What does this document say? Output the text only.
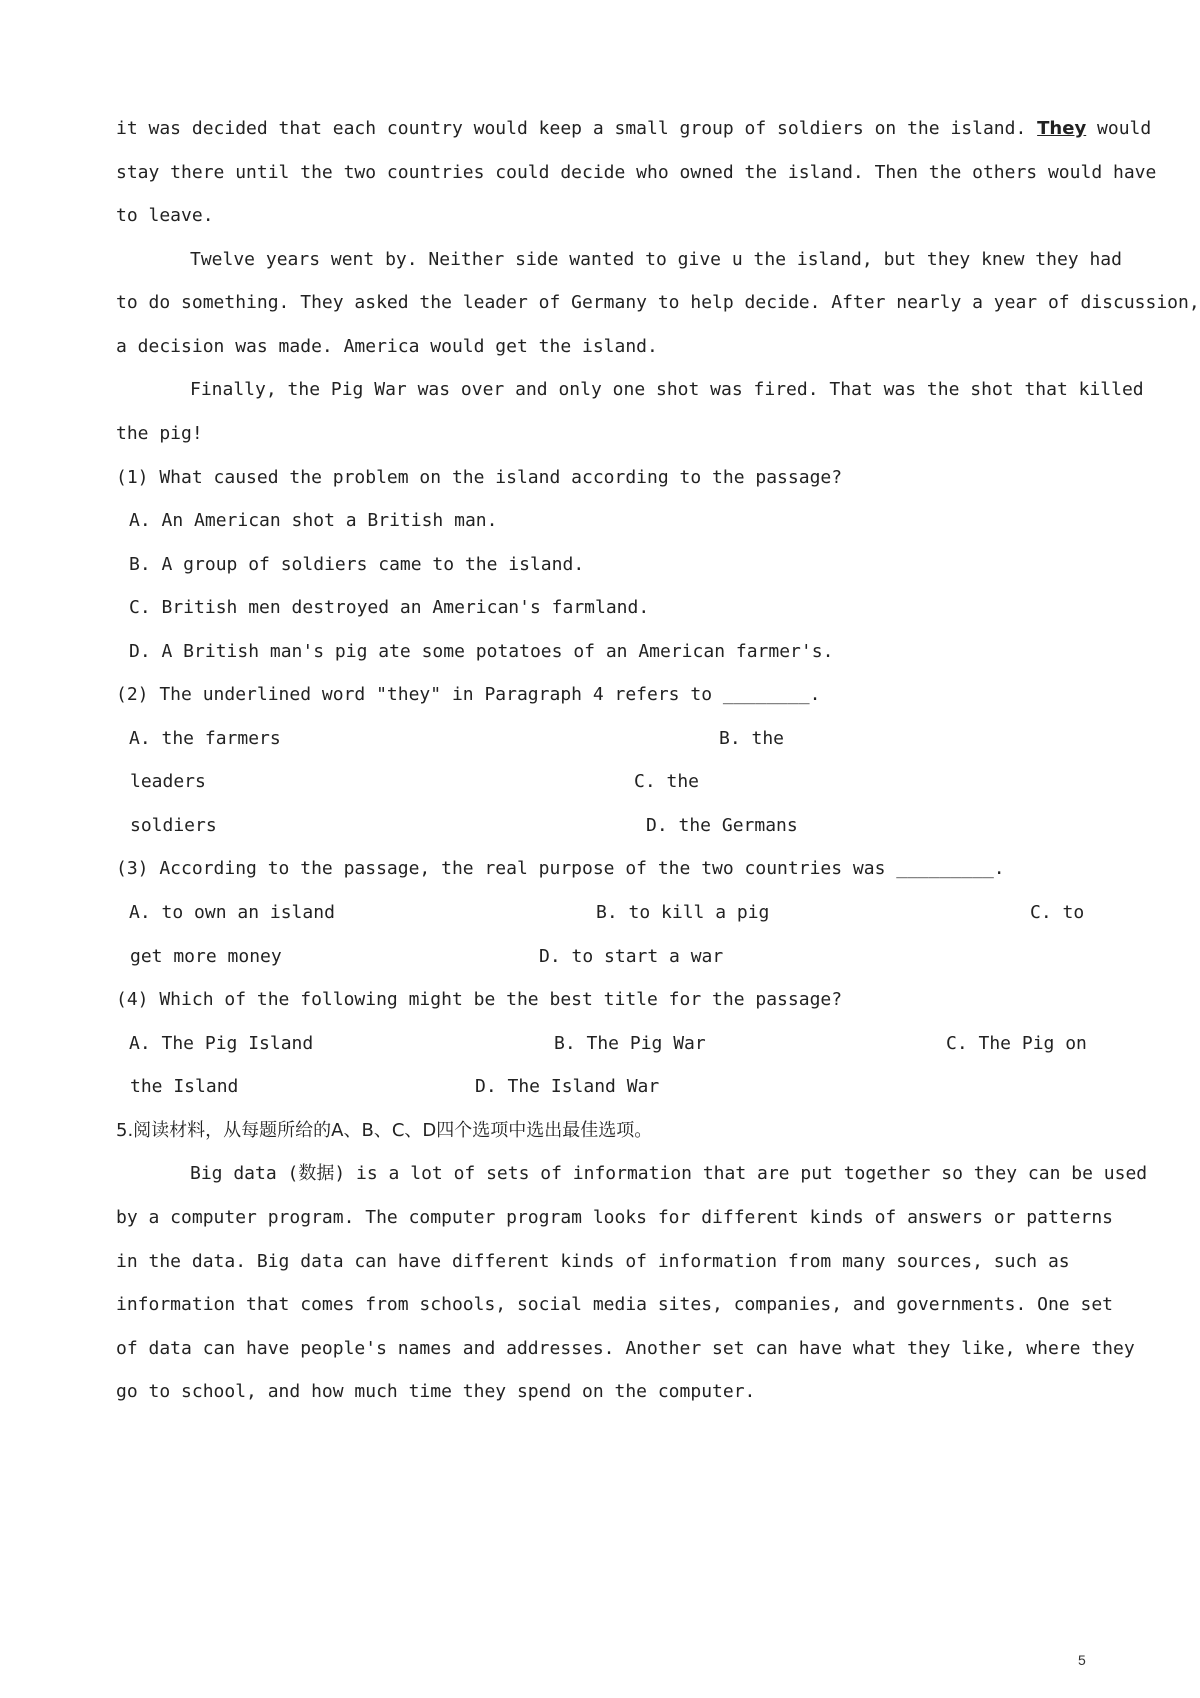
it was decided that each country would keep a small group of soldiers on the island. They would
stay there until the two countries could decide who owned the island. Then the others would have
to leave.
Twelve years went by. Neither side wanted to give u the island, but they knew they had
to do something. They asked the leader of Germany to help decide. After nearly a year of discussion,
a decision was made. America would get the island.
Finally, the Pig War was over and only one shot was fired. That was the shot that killed
the pig!
(1) What caused the problem on the island according to the passage?
A. An American shot a British man.
B. A group of soldiers came to the island.
C. British men destroyed an American's farmland.
D. A British man's pig ate some potatoes of an American farmer's.
(2) The underlined word "they" in Paragraph 4 refers to ________.
A. the farmers	B. the
leaders	C. the
soldiers	D. the Germans
(3) According to the passage, the real purpose of the two countries was _________.
A. to own an island	B. to kill a pig	C. to
get more money	D. to start a war
(4) Which of the following might be the best title for the passage?
A. The Pig Island	B. The Pig War	C. The Pig on
the Island	D. The Island War
5.阅读材料，从每题所给的A、B、C、D四个选项中选出最佳选项。
Big data (数据) is a lot of sets of information that are put together so they can be used
by a computer program. The computer program looks for different kinds of answers or patterns
in the data. Big data can have different kinds of information from many sources, such as
information that comes from schools, social media sites, companies, and governments. One set
of data can have people's names and addresses. Another set can have what they like, where they
go to school, and how much time they spend on the computer.
5
